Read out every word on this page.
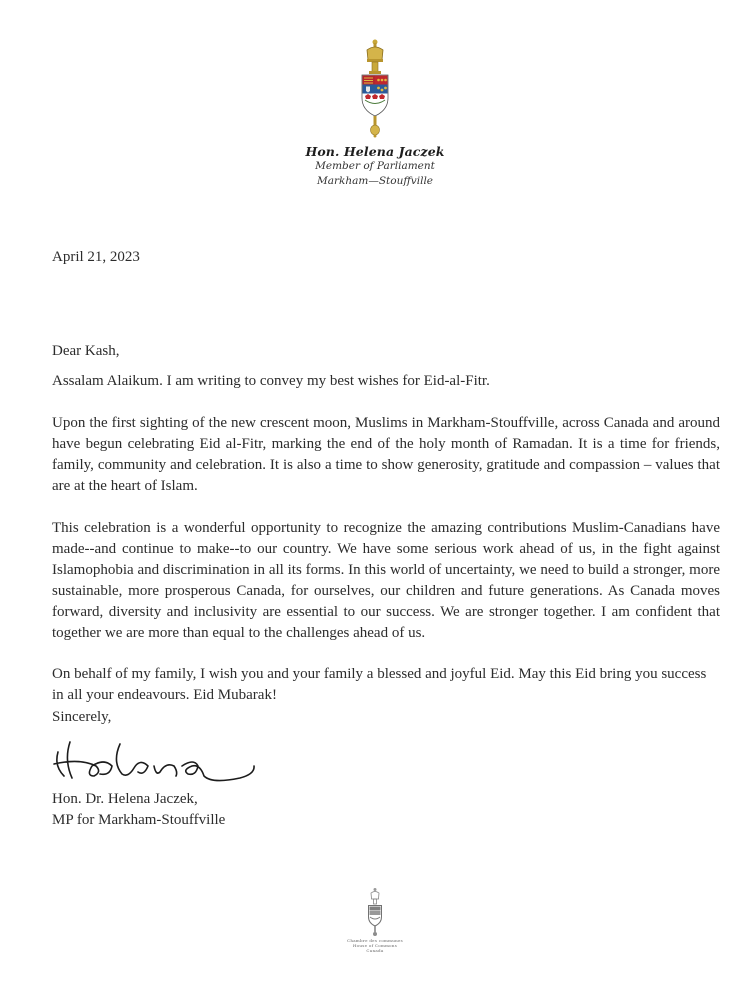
Hon. Helena Jaczek
Member of Parliament
Markham—Stouffville
April 21, 2023
Dear Kash,
Assalam Alaikum. I am writing to convey my best wishes for Eid-al-Fitr.
Upon the first sighting of the new crescent moon, Muslims in Markham-Stouffville, across Canada and around have begun celebrating Eid al-Fitr, marking the end of the holy month of Ramadan. It is a time for friends, family, community and celebration. It is also a time to show generosity, gratitude and compassion – values that are at the heart of Islam.
This celebration is a wonderful opportunity to recognize the amazing contributions Muslim-Canadians have made--and continue to make--to our country. We have some serious work ahead of us, in the fight against Islamophobia and discrimination in all its forms. In this world of uncertainty, we need to build a stronger, more sustainable, more prosperous Canada, for ourselves, our children and future generations. As Canada moves forward, diversity and inclusivity are essential to our success. We are stronger together. I am confident that together we are more than equal to the challenges ahead of us.
On behalf of my family, I wish you and your family a blessed and joyful Eid. May this Eid bring you success in all your endeavours. Eid Mubarak!
Sincerely,
Hon. Dr. Helena Jaczek,
MP for Markham-Stouffville
Chambre des communes
House of Commons
Canada
